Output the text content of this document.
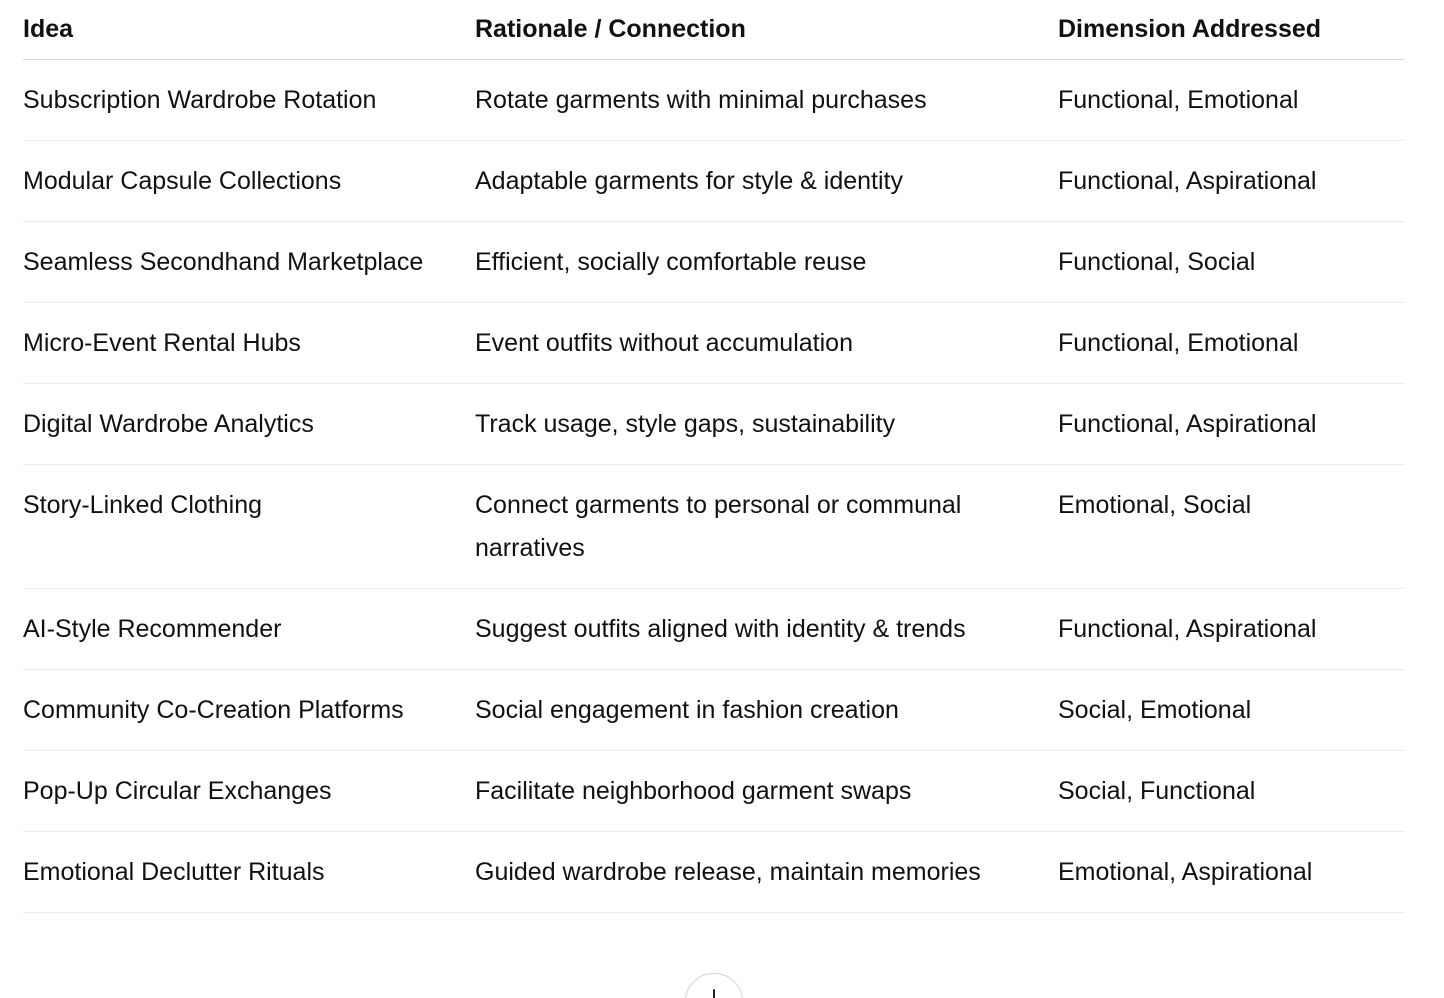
Idea	Rationale / Connection	Dimension Addressed
Subscription Wardrobe Rotation	Rotate garments with minimal purchases	Functional, Emotional
Modular Capsule Collections	Adaptable garments for style & identity	Functional, Aspirational
Seamless Secondhand Marketplace	Efficient, socially comfortable reuse	Functional, Social
Micro-Event Rental Hubs	Event outfits without accumulation	Functional, Emotional
Digital Wardrobe Analytics	Track usage, style gaps, sustainability	Functional, Aspirational
Story-Linked Clothing	Connect garments to personal or communal narratives	Emotional, Social
AI-Style Recommender	Suggest outfits aligned with identity & trends	Functional, Aspirational
Community Co-Creation Platforms	Social engagement in fashion creation	Social, Emotional
Pop-Up Circular Exchanges	Facilitate neighborhood garment swaps	Social, Functional
Emotional Declutter Rituals	Guided wardrobe release, maintain memories	Emotional, Aspirational
